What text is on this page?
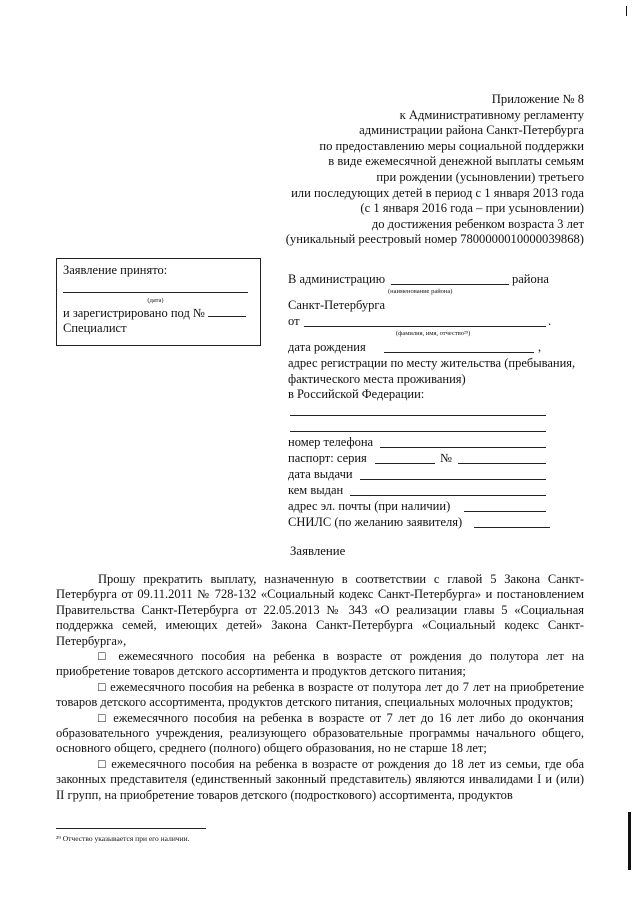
Приложение № 8
к Административному регламенту
администрации района Санкт-Петербурга
по предоставлению меры социальной поддержки
в виде ежемесячной денежной выплаты семьям
при рождении (усыновлении) третьего
или последующих детей в период с 1 января 2013 года
(с 1 января 2016 года – при усыновлении)
до достижения ребенком возраста 3 лет
(уникальный реестровый номер 7800000010000039868)
Заявление принято:
(дата)
и зарегистрировано под №
Специалист
В администрацию	района
(наименование района)
Санкт-Петербурга
от	.
(фамилия, имя, отчество²⁹)
дата рождения	,
адрес регистрации по месту жительства (пребывания,
фактического места проживания)
в Российской Федерации:
номер телефона
паспорт: серия	№
дата выдачи
кем выдан
адрес эл. почты (при наличии)
СНИЛС (по желанию заявителя)
Заявление
Прошу прекратить выплату, назначенную в соответствии с главой 5 Закона Санкт-Петербурга от 09.11.2011 № 728-132 «Социальный кодекс Санкт-Петербурга» и постановлением Правительства Санкт-Петербурга от 22.05.2013 № 343 «О реализации главы 5 «Социальная поддержка семей, имеющих детей» Закона Санкт-Петербурга «Социальный кодекс Санкт-Петербурга»,
□ ежемесячного пособия на ребенка в возрасте от рождения до полутора лет на приобретение товаров детского ассортимента и продуктов детского питания;
□ ежемесячного пособия на ребенка в возрасте от полутора лет до 7 лет на приобретение товаров детского ассортимента, продуктов детского питания, специальных молочных продуктов;
□ ежемесячного пособия на ребенка в возрасте от 7 лет до 16 лет либо до окончания образовательного учреждения, реализующего образовательные программы начального общего, основного общего, среднего (полного) общего образования, но не старше 18 лет;
□ ежемесячного пособия на ребенка в возрасте от рождения до 18 лет из семьи, где оба законных представителя (единственный законный представитель) являются инвалидами I и (или) II групп, на приобретение товаров детского (подросткового) ассортимента, продуктов
²⁹ Отчество указывается при его наличии.
